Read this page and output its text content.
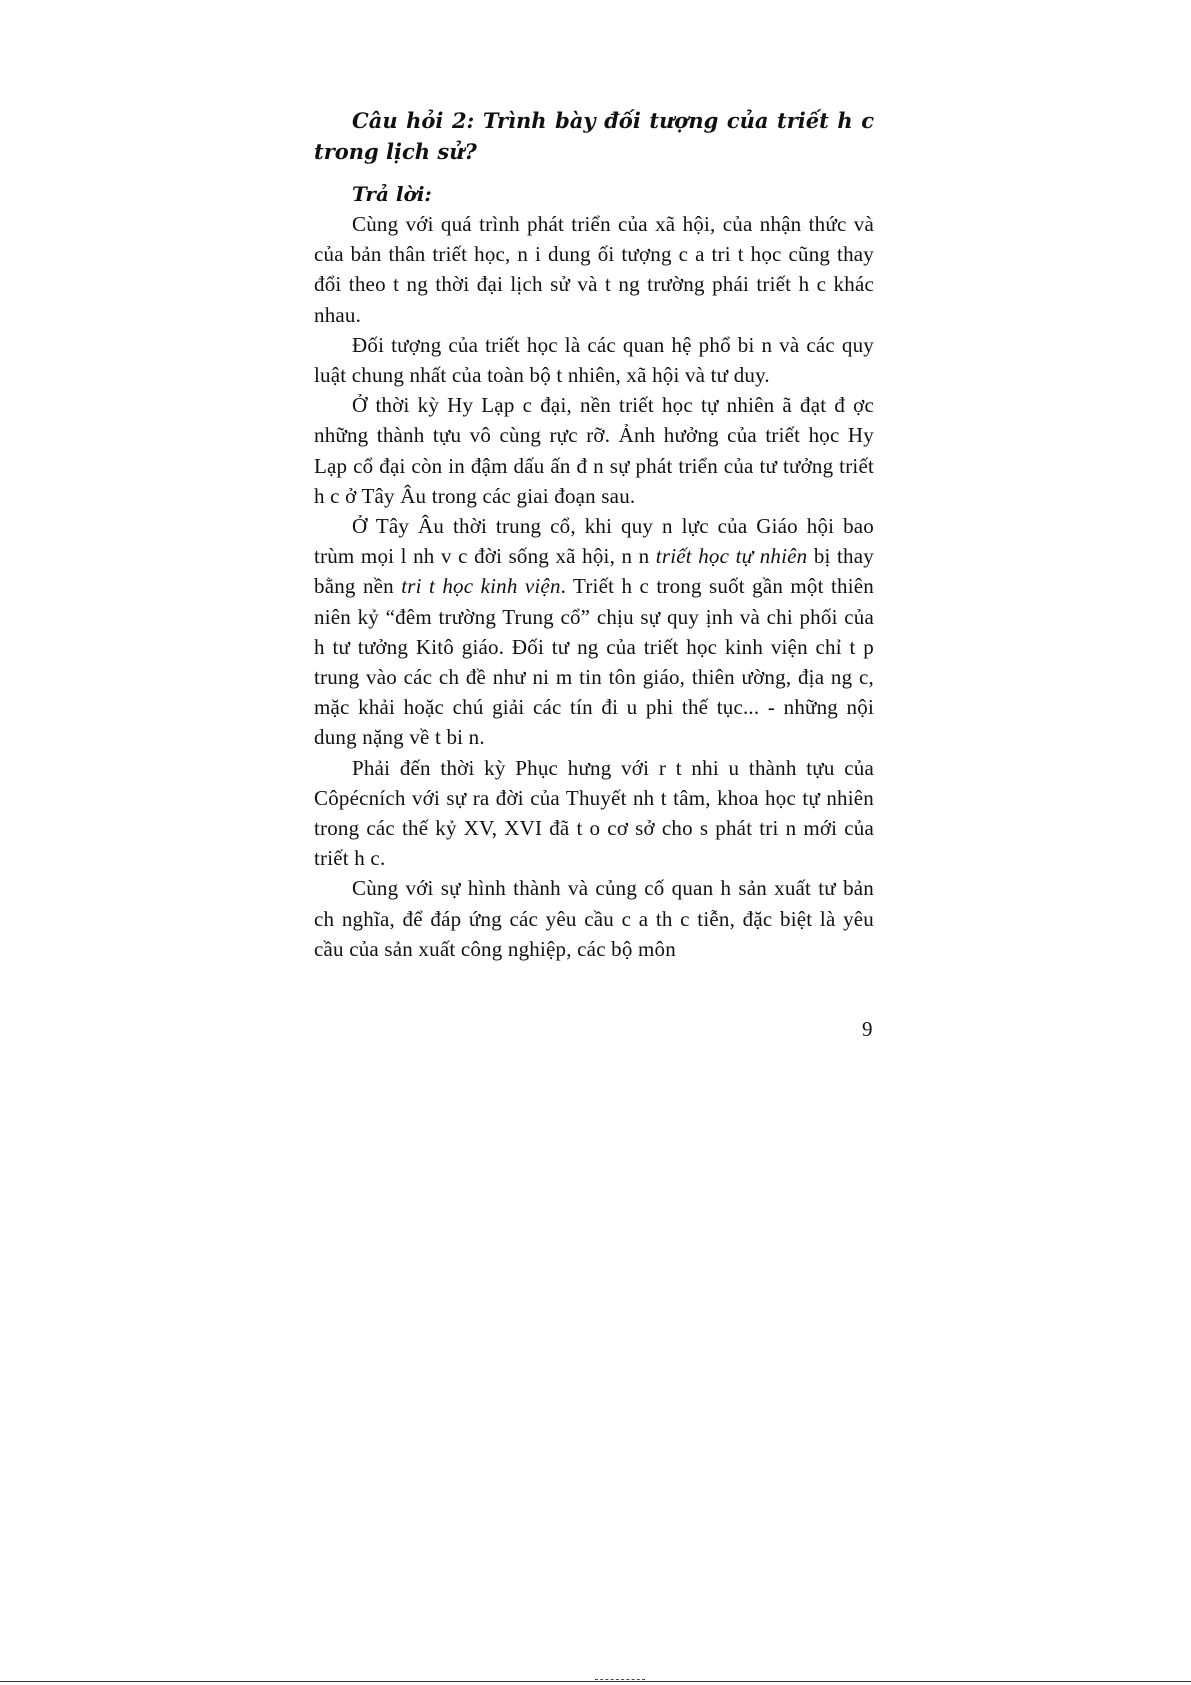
Câu hỏi 2: Trình bày đối tượng của triết h c trong lịch sử?

Trả lời:

Cùng với quá trình phát triển của xã hội, của nhận thức và của bản thân triết học, n i dung ối tượng c a tri t học cũng thay đổi theo t ng thời đại lịch sử và t ng trường phái triết h c khác nhau.

Đối tượng của triết học là các quan hệ phổ bi n và các quy luật chung nhất của toàn bộ t nhiên, xã hội và tư duy.

Ở thời kỳ Hy Lạp c đại, nền triết học tự nhiên ã đạt đ ợc những thành tựu vô cùng rực rỡ. Ảnh hưởng của triết học Hy Lạp cổ đại còn in đậm dấu ấn đ n sự phát triển của tư tưởng triết h c ở Tây Âu trong các giai đoạn sau.

Ở Tây Âu thời trung cổ, khi quy n lực của Giáo hội bao trùm mọi l nh v c đời sống xã hội, n n triết học tự nhiên bị thay bằng nền tri t học kinh viện. Triết h c trong suốt gần một thiên niên kỷ “đêm trường Trung cổ” chịu sự quy ịnh và chi phối của h tư tưởng Kitô giáo. Đối tư ng của triết học kinh viện chỉ t p trung vào các ch đề như ni m tin tôn giáo, thiên ường, địa ng c, mặc khải hoặc chú giải các tín đi u phi thế tục... - những nội dung nặng về t bi n.

Phải đến thời kỳ Phục hưng với r t nhi u thành tựu của Côpécních với sự ra đời của Thuyết nh t tâm, khoa học tự nhiên trong các thế kỷ XV, XVI đã t o cơ sở cho s phát tri n mới của triết h c.

Cùng với sự hình thành và củng cố quan h sản xuất tư bản ch nghĩa, để đáp ứng các yêu cầu c a th c tiễn, đặc biệt là yêu cầu của sản xuất công nghiệp, các bộ môn

9
